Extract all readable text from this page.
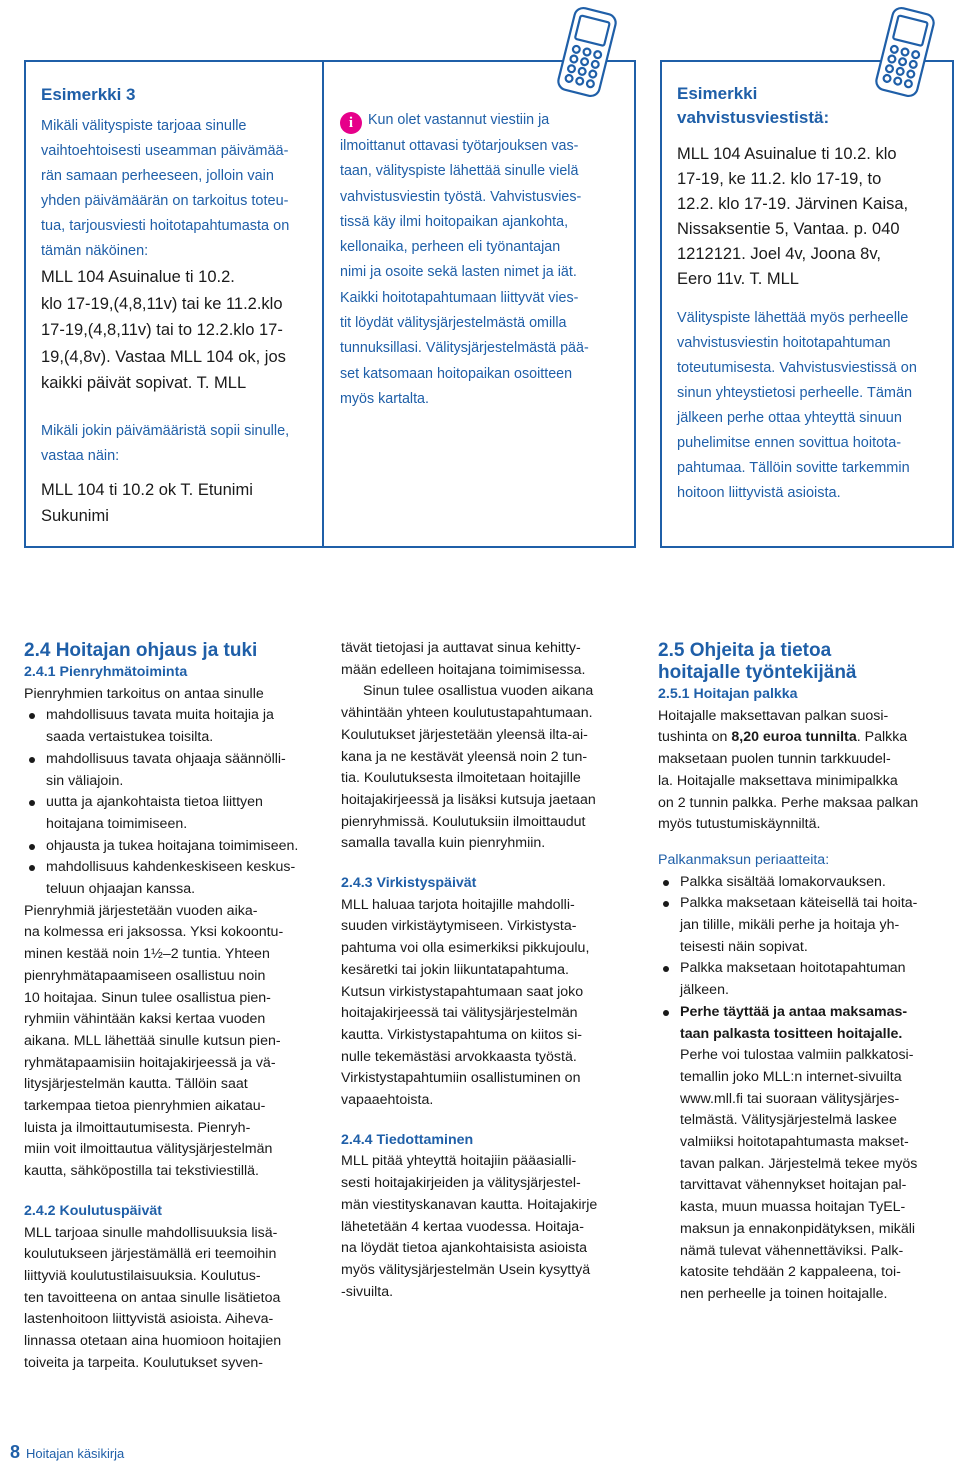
Esimerkki 3
Mikäli välityspiste tarjoaa sinulle
vaihtoehtoisesti useamman päivämää-
rän samaan perheeseen, jolloin vain
yhden päivämäärän on tarkoitus toteu-
tua, tarjousviesti hoitotapahtumasta on
tämän näköinen:
MLL 104 Asuinalue ti 10.2.
klo 17-19,(4,8,11v) tai ke 11.2.klo
17-19,(4,8,11v) tai to 12.2.klo 17-
19,(4,8v). Vastaa MLL 104 ok, jos
kaikki päivät sopivat. T. MLL
Mikäli jokin päivämääristä sopii sinulle,
vastaa näin:
MLL 104 ti 10.2 ok T. Etunimi
Sukunimi
i Kun olet vastannut viestiin ja
ilmoittanut ottavasi työtarjouksen vas-
taan, välityspiste lähettää sinulle vielä
vahvistusviestin työstä. Vahvistusvies-
tissä käy ilmi hoitopaikan ajankohta,
kellonaika, perheen eli työnantajan
nimi ja osoite sekä lasten nimet ja iät.
Kaikki hoitotapahtumaan liittyvät vies-
tit löydät välitysjärjestelmästä omilla
tunnuksillasi. Välitysjärjestelmästä pää-
set katsomaan hoitopaikan osoitteen
myös kartalta.
Esimerkki
vahvistusviestistä:
MLL 104 Asuinalue ti 10.2. klo
17-19, ke 11.2. klo 17-19, to
12.2. klo 17-19. Järvinen Kaisa,
Nissaksentie 5, Vantaa. p. 040
1212121. Joel 4v, Joona 8v,
Eero 11v. T. MLL
Välityspiste lähettää myös perheelle
vahvistusviestin hoitotapahtuman
toteutumisesta. Vahvistusviestissä on
sinun yhteystietosi perheelle. Tämän
jälkeen perhe ottaa yhteyttä sinuun
puhelimitse ennen sovittua hoitota-
pahtumaa. Tällöin sovitte tarkemmin
hoitoon liittyvistä asioista.
2.4 Hoitajan ohjaus ja tuki
2.4.1 Pienryhmätoiminta
Pienryhmien tarkoitus on antaa sinulle
mahdollisuus tavata muita hoitajia ja
saada vertaistukea toisilta.
mahdollisuus tavata ohjaaja säännölli-
sin väliajoin.
uutta ja ajankohtaista tietoa liittyen
hoitajana toimimiseen.
ohjausta ja tukea hoitajana toimimiseen.
mahdollisuus kahdenkeskiseen keskus-
teluun ohjaajan kanssa.
Pienryhmiä järjestetään vuoden aika-
na kolmessa eri jaksossa. Yksi kokoontu-
minen kestää noin 1½–2 tuntia. Yhteen
pienryhmätapaamiseen osallistuu noin
10 hoitajaa. Sinun tulee osallistua pien-
ryhmiin vähintään kaksi kertaa vuoden
aikana. MLL lähettää sinulle kutsun pien-
ryhmätapaamisiin hoitajakirjeessä ja vä-
litysjärjestelmän kautta. Tällöin saat
tarkempaa tietoa pienryhmien aikatau-
luista ja ilmoittautumisesta. Pienryh-
miin voit ilmoittautua välitysjärjestelmän
kautta, sähköpostilla tai tekstiviestillä.
2.4.2 Koulutuspäivät
MLL tarjoaa sinulle mahdollisuuksia lisä-
koulutukseen järjestämällä eri teemoihin
liittyviä koulutustilaisuuksia. Koulutus-
ten tavoitteena on antaa sinulle lisätietoa
lastenhoitoon liittyvistä asioista. Aiheva-
linnassa otetaan aina huomioon hoitajien
toiveita ja tarpeita. Koulutukset syven-
tävät tietojasi ja auttavat sinua kehitty-
mään edelleen hoitajana toimimisessa.
Sinun tulee osallistua vuoden aikana
vähintään yhteen koulutustapahtumaan.
Koulutukset järjestetään yleensä ilta-ai-
kana ja ne kestävät yleensä noin 2 tun-
tia. Koulutuksesta ilmoitetaan hoitajille
hoitajakirjeessä ja lisäksi kutsuja jaetaan
pienryhmissä. Koulutuksiin ilmoittaudut
samalla tavalla kuin pienryhmiin.
2.4.3 Virkistyspäivät
MLL haluaa tarjota hoitajille mahdolli-
suuden virkistäytymiseen. Virkistysta-
pahtuma voi olla esimerkiksi pikkujoulu,
kesäretki tai jokin liikuntatapahtuma.
Kutsun virkistystapahtumaan saat joko
hoitajakirjeessä tai välitysjärjestelmän
kautta. Virkistystapahtuma on kiitos si-
nulle tekemästäsi arvokkaasta työstä.
Virkistystapahtumiin osallistuminen on
vapaaehtoista.
2.4.4 Tiedottaminen
MLL pitää yhteyttä hoitajiin pääasialli-
sesti hoitajakirjeiden ja välitysjärjestel-
män viestityskanavan kautta. Hoitajakirje
lähetetään 4 kertaa vuodessa. Hoitaja-
na löydät tietoa ajankohtaisista asioista
myös välitysjärjestelmän Usein kysyttyä
-sivuilta.
2.5 Ohjeita ja tietoa
hoitajalle työntekijänä
2.5.1 Hoitajan palkka
Hoitajalle maksettavan palkan suosi-
tushinta on 8,20 euroa tunnilta. Palkka
maksetaan puolen tunnin tarkkuudel-
la. Hoitajalle maksettava minimipalkka
on 2 tunnin palkka. Perhe maksaa palkan
myös tutustumiskäynniltä.
Palkanmaksun periaatteita:
Palkka sisältää lomakorvauksen.
Palkka maksetaan käteisellä tai hoita-
jan tilille, mikäli perhe ja hoitaja yh-
teisesti näin sopivat.
Palkka maksetaan hoitotapahtuman
jälkeen.
Perhe täyttää ja antaa maksamas-
taan palkasta tositteen hoitajalle.
Perhe voi tulostaa valmiin palkkatosi-
temallin joko MLL:n internet-sivuilta
www.mll.fi tai suoraan välitysjärjes-
telmästä. Välitysjärjestelmä laskee
valmiiksi hoitotapahtumasta makset-
tavan palkan. Järjestelmä tekee myös
tarvittavat vähennykset hoitajan pal-
kasta, muun muassa hoitajan TyEL-
maksun ja ennakonpidätyksen, mikäli
nämä tulevat vähennettäviksi. Palk-
katosite tehdään 2 kappaleena, toi-
nen perheelle ja toinen hoitajalle.
8 Hoitajan käsikirja
